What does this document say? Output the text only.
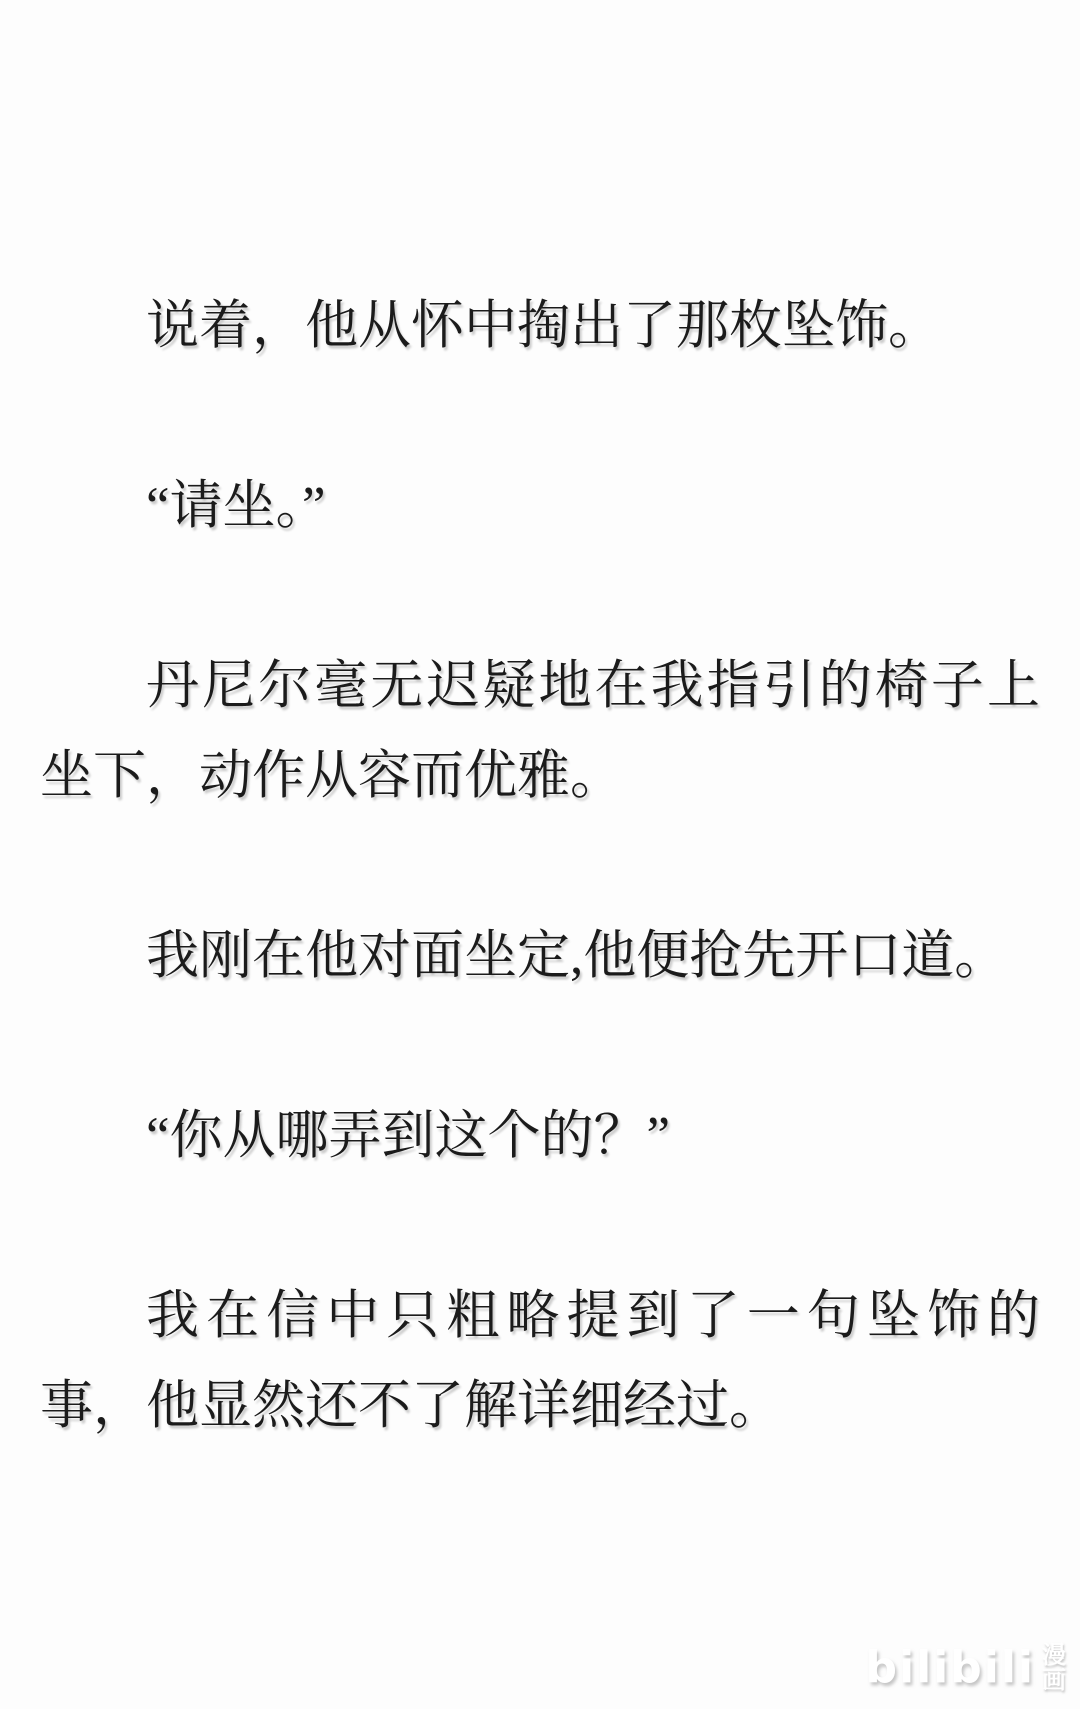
说着，他从怀中掏出了那枚坠饰。

“请坐。”

丹尼尔毫无迟疑地在我指引的椅子上坐下，动作从容而优雅。

我刚在他对面坐定,他便抢先开口道。

“你从哪弄到这个的？”

我在信中只粗略提到了一句坠饰的事，他显然还不了解详细经过。

bilibili 漫
画
